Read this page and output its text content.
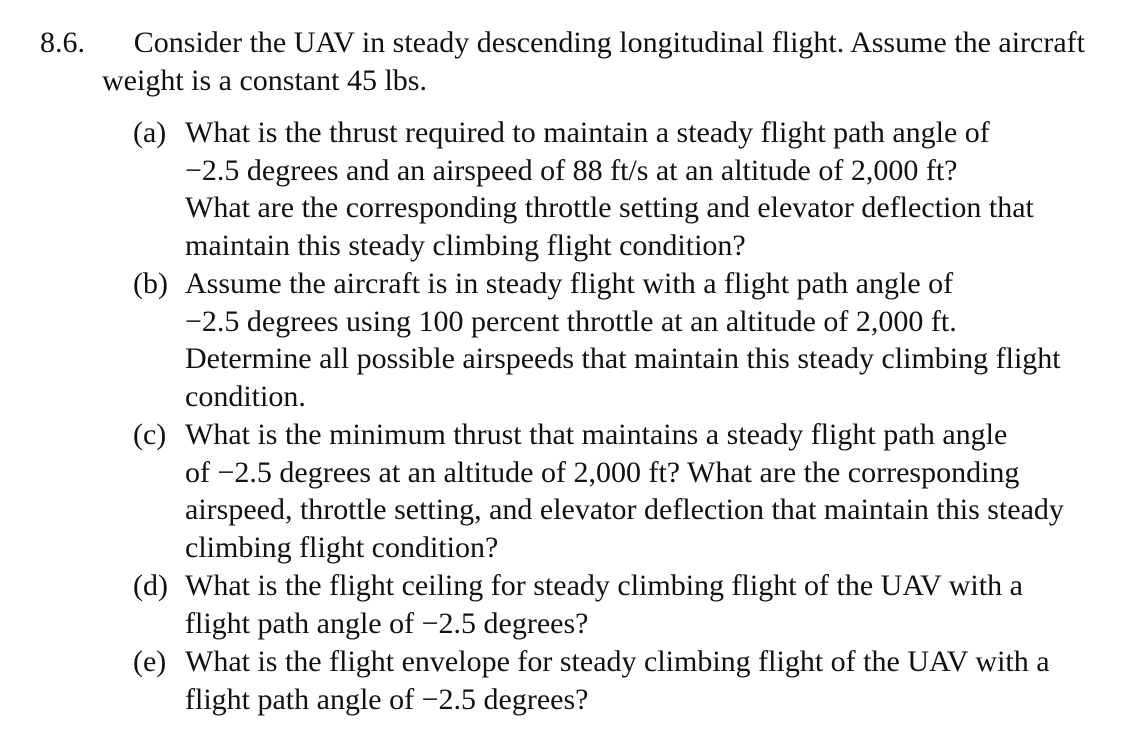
8.6. Consider the UAV in steady descending longitudinal flight. Assume the aircraft
weight is a constant 45 lbs.
(a) What is the thrust required to maintain a steady flight path angle of
−2.5 degrees and an airspeed of 88 ft/s at an altitude of 2,000 ft?
What are the corresponding throttle setting and elevator deflection that
maintain this steady climbing flight condition?
(b) Assume the aircraft is in steady flight with a flight path angle of
−2.5 degrees using 100 percent throttle at an altitude of 2,000 ft.
Determine all possible airspeeds that maintain this steady climbing flight
condition.
(c) What is the minimum thrust that maintains a steady flight path angle
of −2.5 degrees at an altitude of 2,000 ft? What are the corresponding
airspeed, throttle setting, and elevator deflection that maintain this steady
climbing flight condition?
(d) What is the flight ceiling for steady climbing flight of the UAV with a
flight path angle of −2.5 degrees?
(e) What is the flight envelope for steady climbing flight of the UAV with a
flight path angle of −2.5 degrees?
